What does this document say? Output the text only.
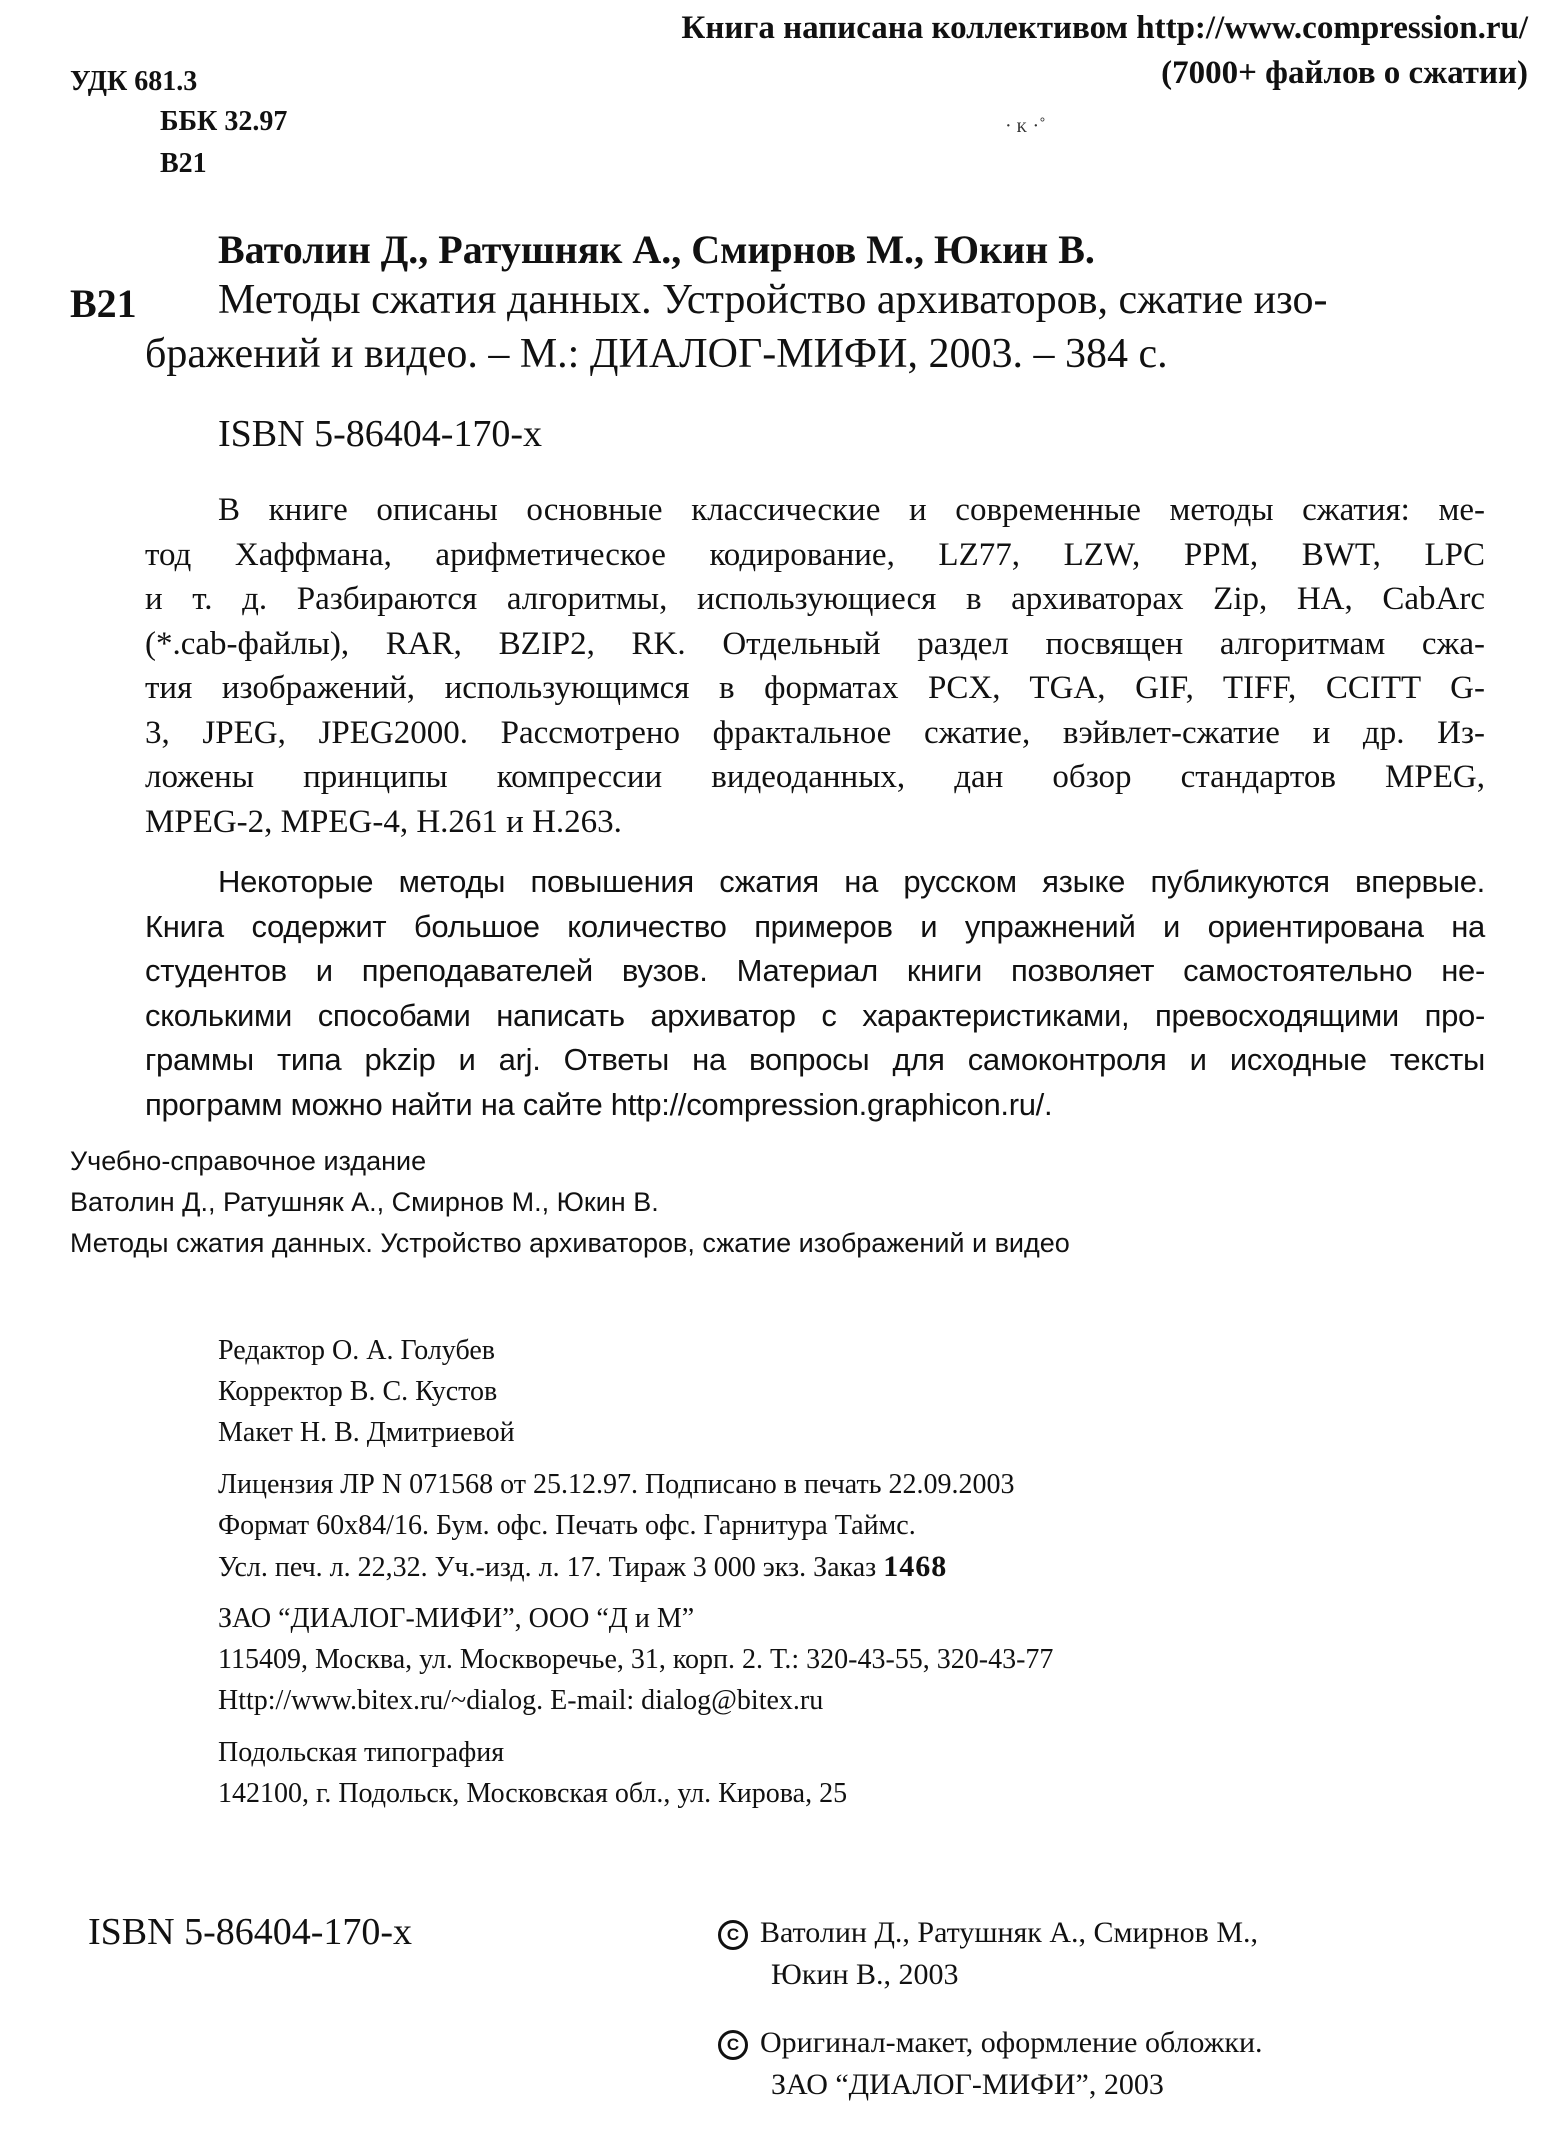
Книга написана коллективом http://www.compression.ru/
(7000+ файлов о сжатии)
· ᴋ ·˚
УДК 681.3
ББК 32.97
В21
Ватолин Д., Ратушняк А., Смирнов М., Юкин В.
В21 Методы сжатия данных. Устройство архиваторов, сжатие изо-
бражений и видео. – М.: ДИАЛОГ-МИФИ, 2003. – 384 с.
ISBN 5-86404-170-х
В книге описаны основные классические и современные методы сжатия: ме-
тод Хаффмана, арифметическое кодирование, LZ77, LZW, PPM, BWT, LPC
и т. д. Разбираются алгоритмы, использующиеся в архиваторах Zip, HA, CabArc
(*.cab-файлы), RAR, BZIP2, RK. Отдельный раздел посвящен алгоритмам сжа-
тия изображений, использующимся в форматах PCX, TGA, GIF, TIFF, CCITT G-
3, JPEG, JPEG2000. Рассмотрено фрактальное сжатие, вэйвлет-сжатие и др. Из-
ложены принципы компрессии видеоданных, дан обзор стандартов MPEG,
MPEG-2, MPEG-4, H.261 и H.263.
Некоторые методы повышения сжатия на русском языке публикуются впервые.
Книга содержит большое количество примеров и упражнений и ориентирована на
студентов и преподавателей вузов. Материал книги позволяет самостоятельно не-
сколькими способами написать архиватор с характеристиками, превосходящими про-
граммы типа pkzip и arj. Ответы на вопросы для самоконтроля и исходные тексты
программ можно найти на сайте http://compression.graphicon.ru/.
Учебно-справочное издание
Ватолин Д., Ратушняк А., Смирнов М., Юкин В.
Методы сжатия данных. Устройство архиваторов, сжатие изображений и видео
Редактор О. А. Голубев
Корректор В. С. Кустов
Макет Н. В. Дмитриевой
Лицензия ЛР N 071568 от 25.12.97. Подписано в печать 22.09.2003
Формат 60х84/16. Бум. офс. Печать офс. Гарнитура Таймс.
Усл. печ. л. 22,32. Уч.-изд. л. 17. Тираж 3 000 экз. Заказ 1468
ЗАО “ДИАЛОГ-МИФИ”, ООО “Д и М”
115409, Москва, ул. Москворечье, 31, корп. 2. Т.: 320-43-55, 320-43-77
Http://www.bitex.ru/~dialog. E-mail: dialog@bitex.ru
Подольская типография
142100, г. Подольск, Московская обл., ул. Кирова, 25
ISBN 5-86404-170-х	C Ватолин Д., Ратушняк А., Смирнов М.,
Юкин В., 2003
C Оригинал-макет, оформление обложки.
ЗАО “ДИАЛОГ-МИФИ”, 2003
